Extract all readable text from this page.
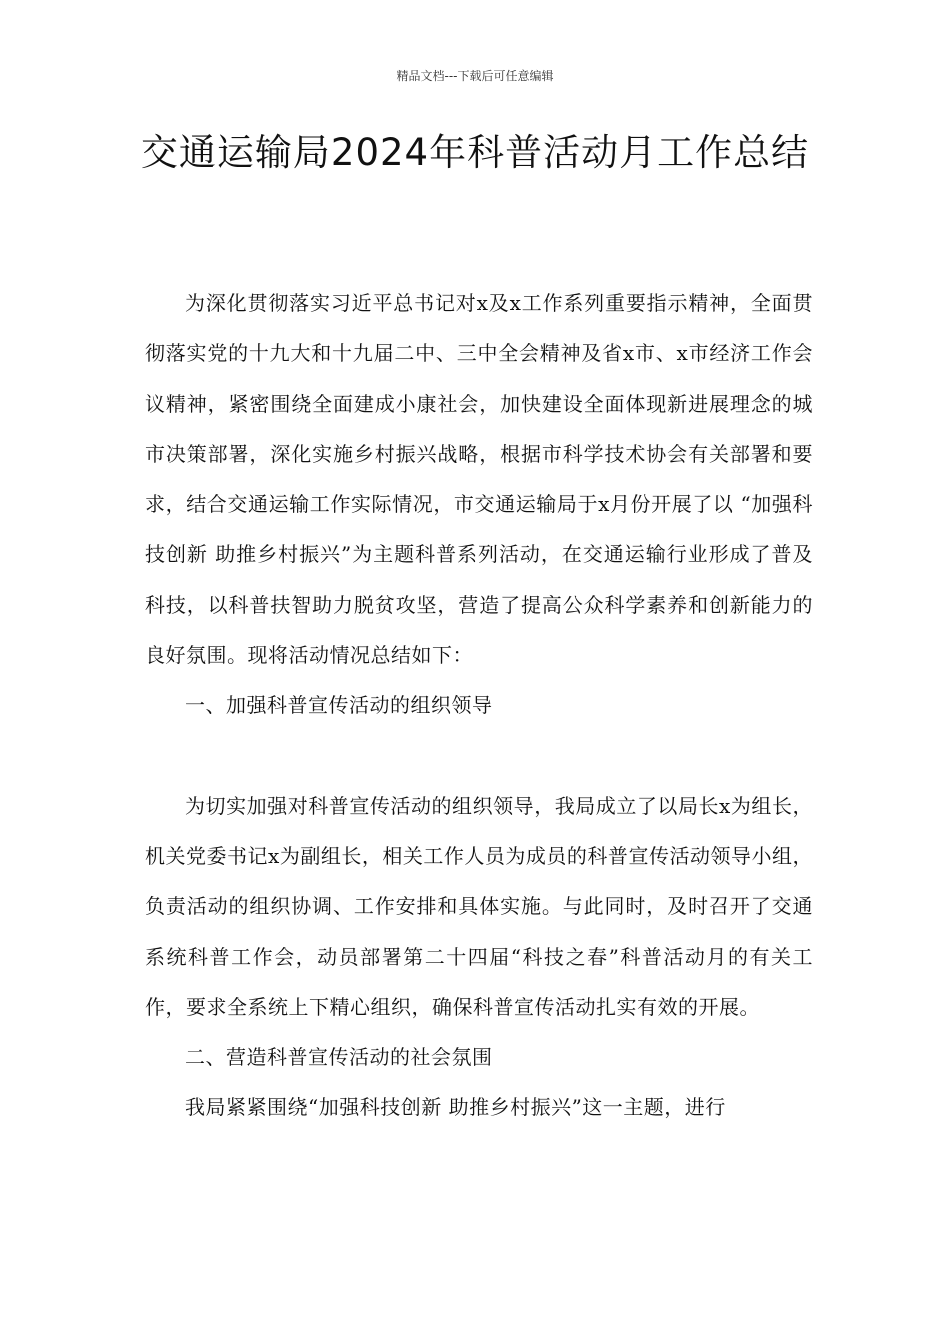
精品文档---下载后可任意编辑
交通运输局2024年科普活动月工作总结

为深化贯彻落实习近平总书记对x及x工作系列重要指示精神，全面贯彻落实党的十九大和十九届二中、三中全会精神及省x市、x市经济工作会议精神，紧密围绕全面建成小康社会，加快建设全面体现新进展理念的城市决策部署，深化实施乡村振兴战略，根据市科学技术协会有关部署和要求，结合交通运输工作实际情况，市交通运输局于x月份开展了以 “加强科技创新 助推乡村振兴”为主题科普系列活动，在交通运输行业形成了普及科技，以科普扶智助力脱贫攻坚，营造了提高公众科学素养和创新能力的良好氛围。现将活动情况总结如下：

一、加强科普宣传活动的组织领导

为切实加强对科普宣传活动的组织领导，我局成立了以局长x为组长，机关党委书记x为副组长，相关工作人员为成员的科普宣传活动领导小组，负责活动的组织协调、工作安排和具体实施。与此同时，及时召开了交通系统科普工作会，动员部署第二十四届“科技之春”科普活动月的有关工作，要求全系统上下精心组织，确保科普宣传活动扎实有效的开展。

二、营造科普宣传活动的社会氛围

我局紧紧围绕“加强科技创新 助推乡村振兴”这一主题，进行
